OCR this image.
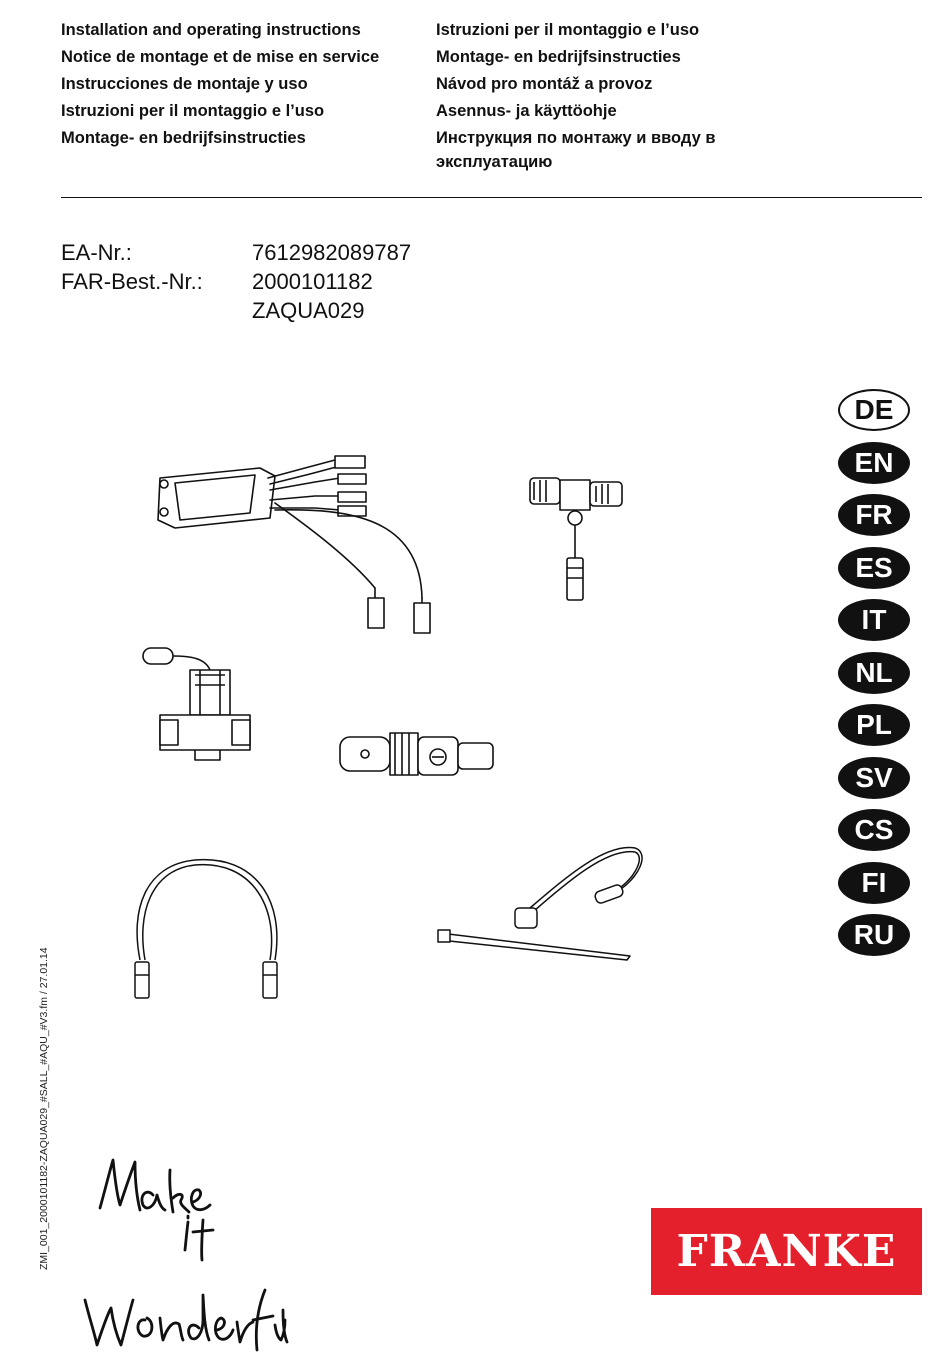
Installation and operating instructions
Notice de montage et de mise en service
Instrucciones de montaje y uso
Istruzioni per il montaggio e l’uso
Montage- en bedrijfsinstructies
Istruzioni per il montaggio e l’uso
Montage- en bedrijfsinstructies
Návod pro montáž a provoz
Asennus- ja käyttöohje
Инструкция по монтажу и вводу в
эксплуатацию
EA-Nr.:
FAR-Best.-Nr.:
7612982089787
2000101182
ZAQUA029
DE
EN
FR
ES
IT
NL
PL
SV
CS
FI
RU
ZMI_001_2000101182-ZAQUA029_#SALL_#AQU_#V3.fm / 27.01.14	FRANKE
